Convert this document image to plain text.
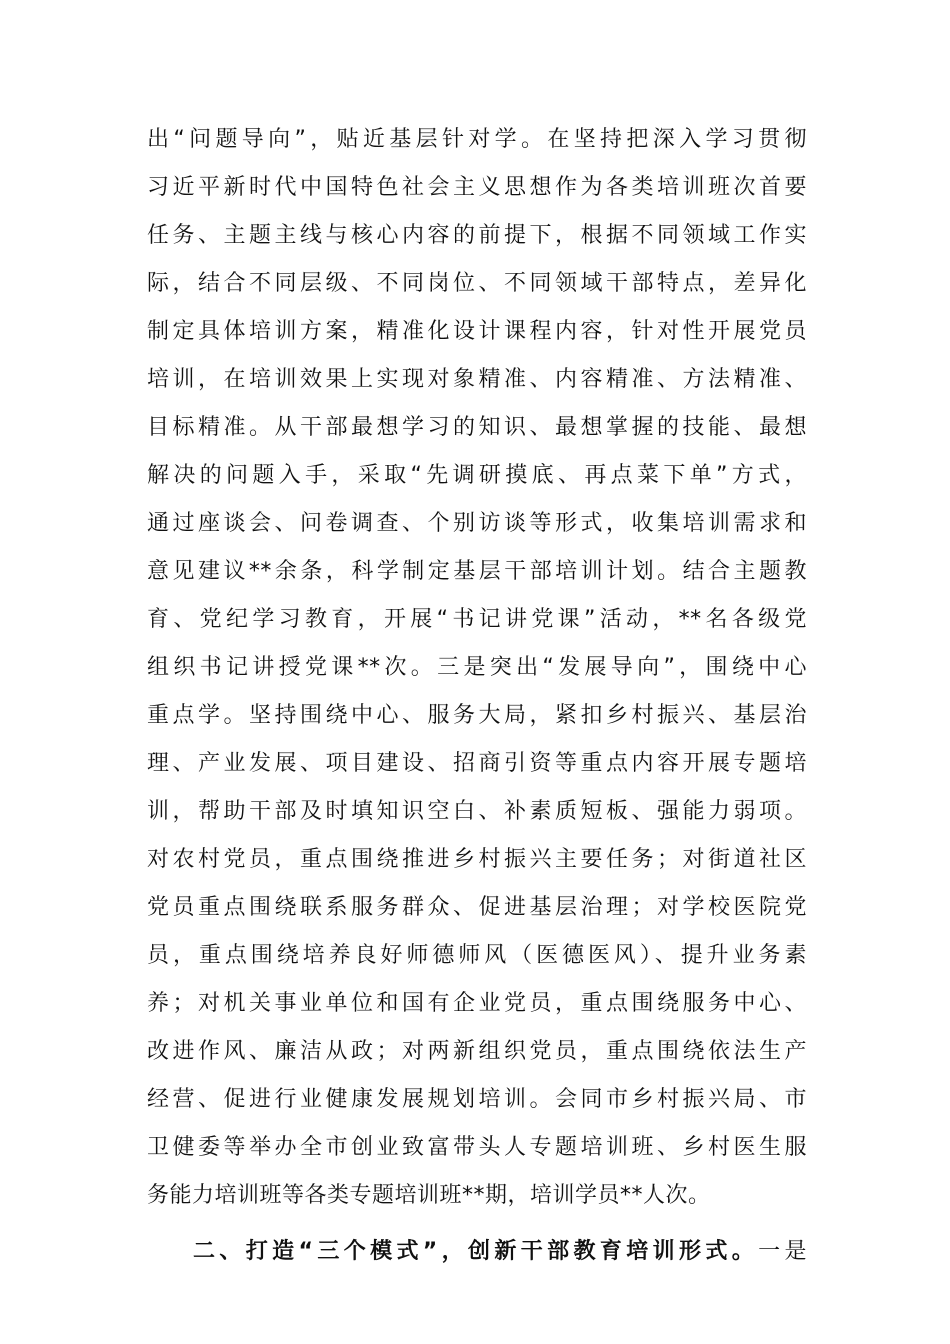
出“问题导向”，贴近基层针对学。在坚持把深入学习贯彻
习近平新时代中国特色社会主义思想作为各类培训班次首要
任务、主题主线与核心内容的前提下，根据不同领域工作实
际，结合不同层级、不同岗位、不同领域干部特点，差异化
制定具体培训方案，精准化设计课程内容，针对性开展党员
培训，在培训效果上实现对象精准、内容精准、方法精准、
目标精准。从干部最想学习的知识、最想掌握的技能、最想
解决的问题入手，采取“先调研摸底、再点菜下单”方式，
通过座谈会、问卷调查、个别访谈等形式，收集培训需求和
意见建议**余条，科学制定基层干部培训计划。结合主题教
育、党纪学习教育，开展“书记讲党课”活动，**名各级党
组织书记讲授党课**次。三是突出“发展导向”，围绕中心
重点学。坚持围绕中心、服务大局，紧扣乡村振兴、基层治
理、产业发展、项目建设、招商引资等重点内容开展专题培
训，帮助干部及时填知识空白、补素质短板、强能力弱项。
对农村党员，重点围绕推进乡村振兴主要任务；对街道社区
党员重点围绕联系服务群众、促进基层治理；对学校医院党
员，重点围绕培养良好师德师风（医德医风）、提升业务素
养；对机关事业单位和国有企业党员，重点围绕服务中心、
改进作风、廉洁从政；对两新组织党员，重点围绕依法生产
经营、促进行业健康发展规划培训。会同市乡村振兴局、市
卫健委等举办全市创业致富带头人专题培训班、乡村医生服
务能力培训班等各类专题培训班**期，培训学员**人次。
二、打造“三个模式”，创新干部教育培训形式。一是
